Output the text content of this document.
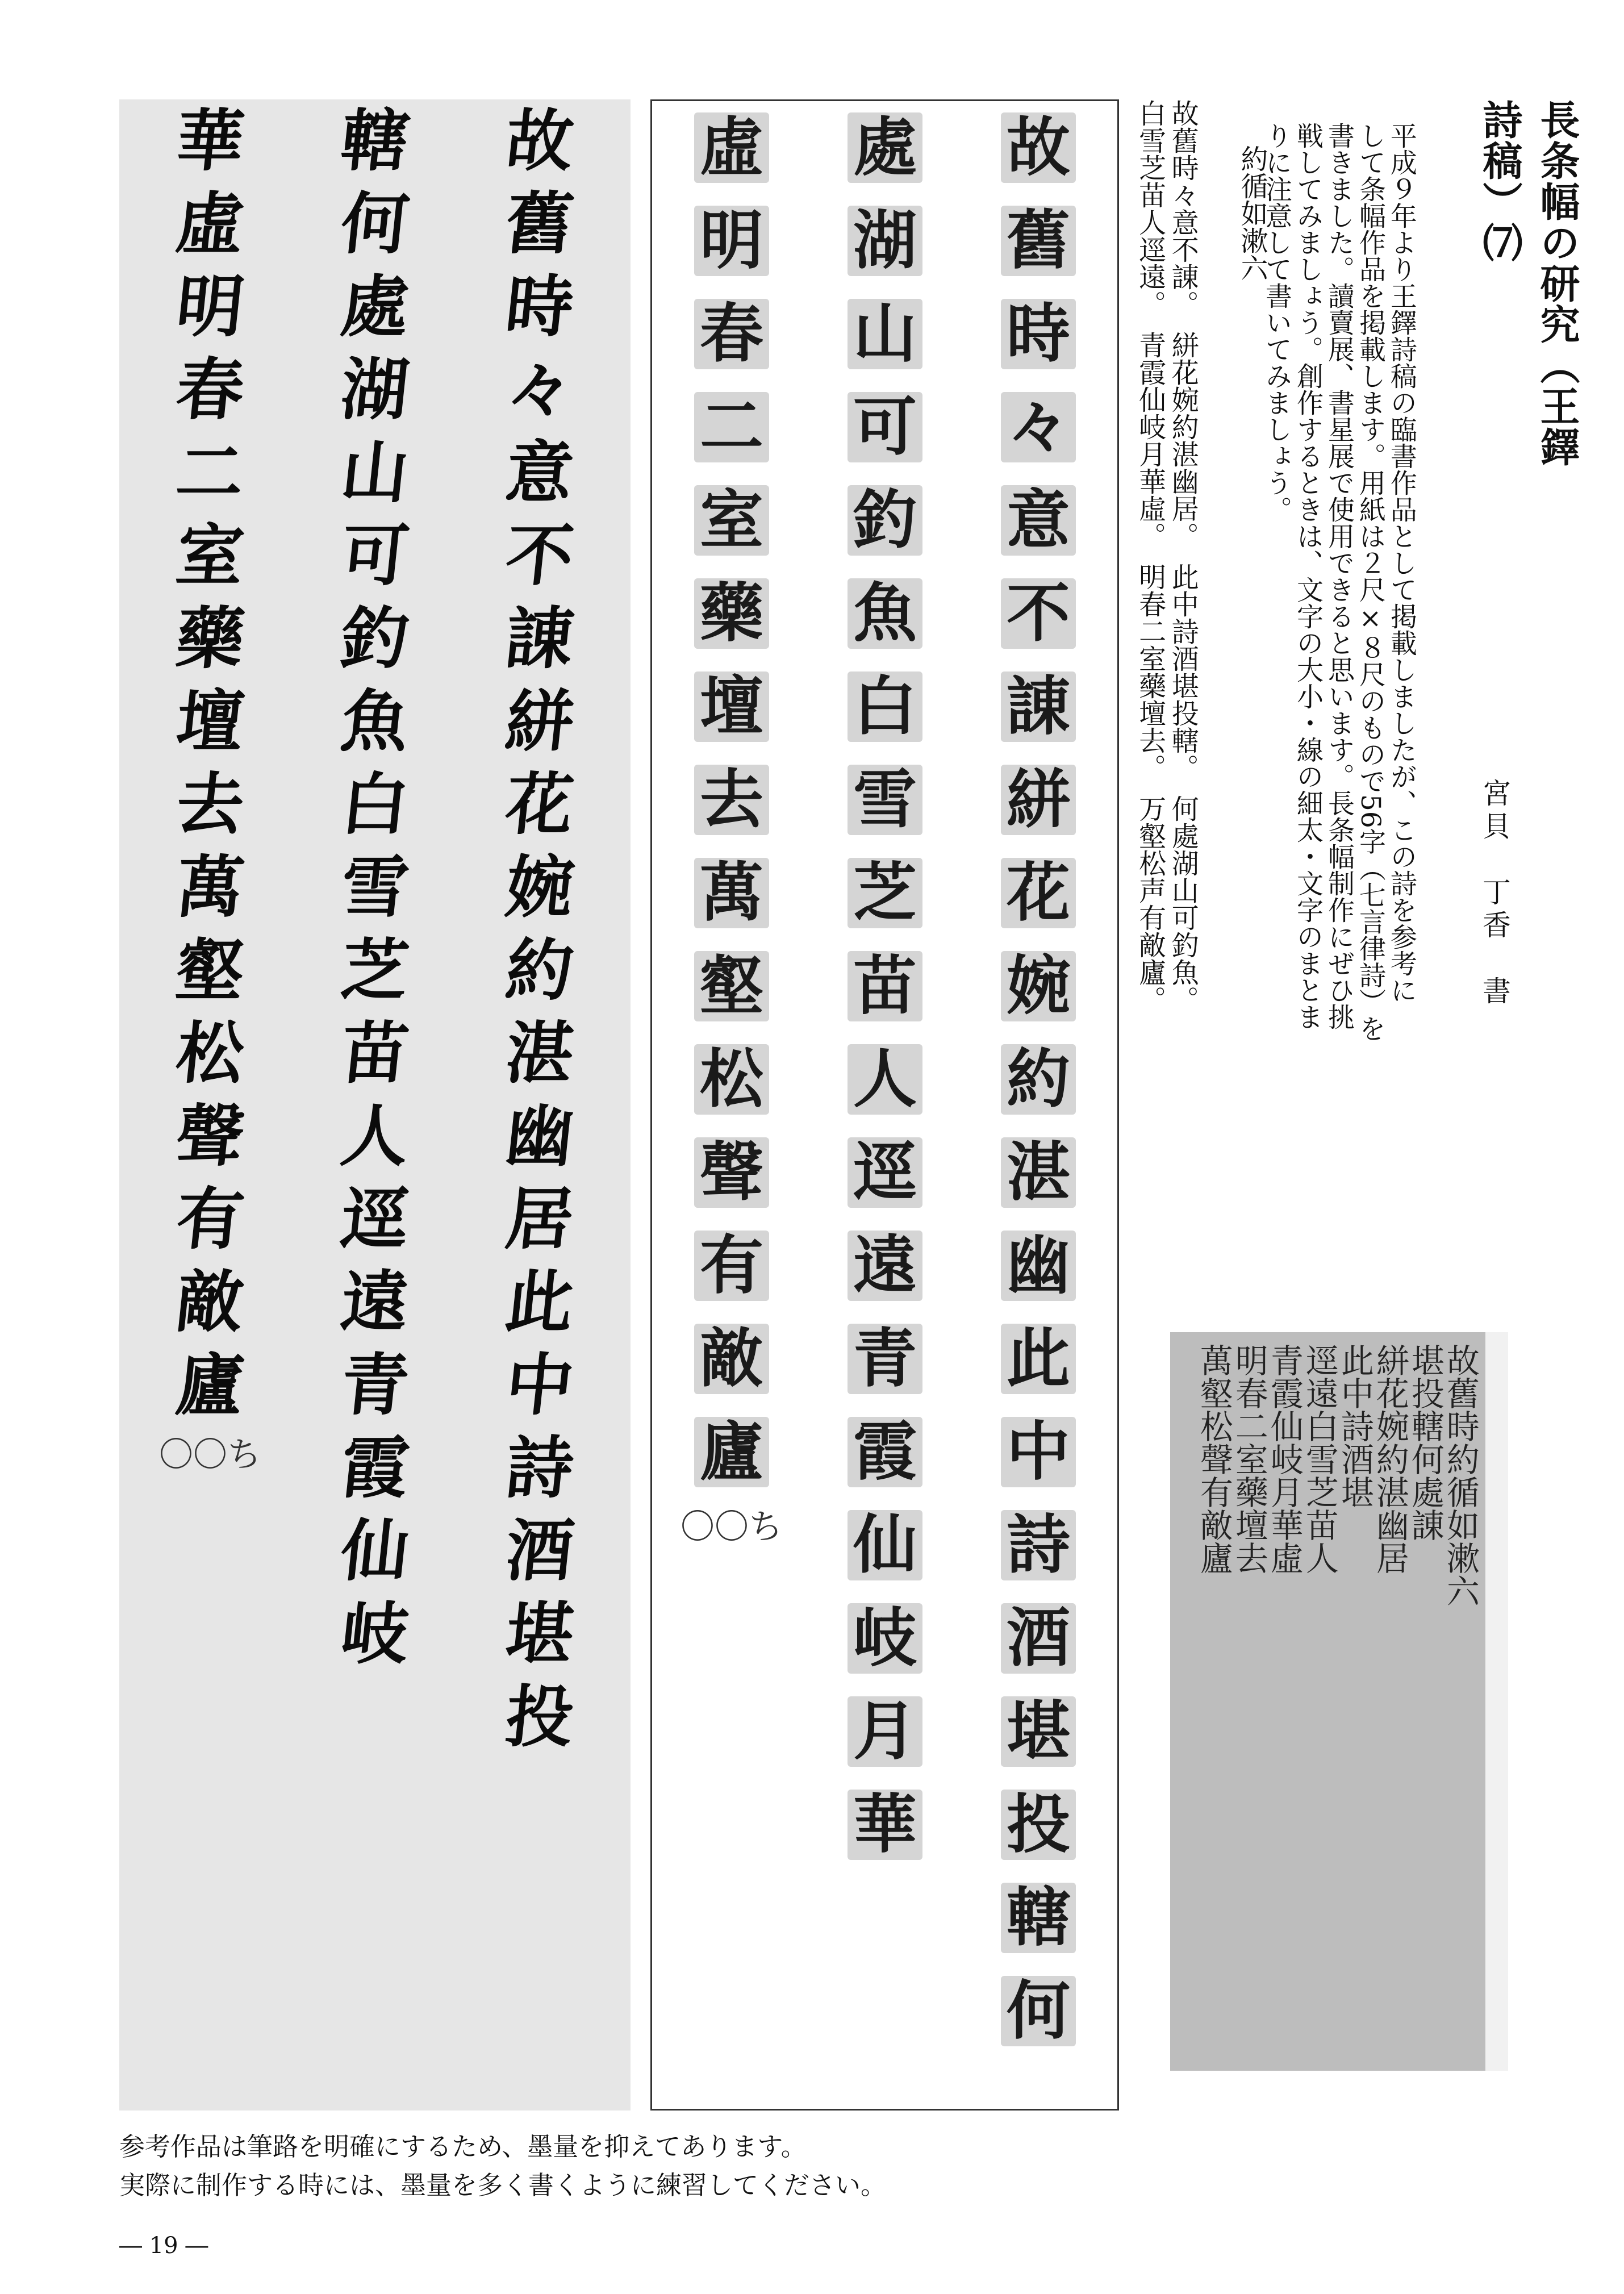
故
舊
時
々
意
不
諌
絣
花
婉
約
湛
幽
居
此
中
詩
酒
堪
投
轄
何
處
湖
山
可
釣
魚
白
雪
芝
苗
人
逕
遠
青
霞
仙
岐
華
虛
明
春
二
室
藥
壇
去
萬
壑
松
聲
有
敵
廬
〇〇ち
故
舊
時
々
意
不
諌
絣
花
婉
約
湛
幽
此
中
詩
酒
堪
投
轄
何
處
湖
山
可
釣
魚
白
雪
芝
苗
人
逕
遠
青
霞
仙
岐
月
華
虛
明
春
二
室
藥
壇
去
萬
壑
松
聲
有
敵
廬
〇〇ち
長条幅の研究（王鐸詩稿）⑺
宮貝　丁香　書

平成９年より王鐸詩稿の臨書作品として掲載しましたが、この詩を参考に

して条幅作品を掲載します。用紙は２尺×８尺のもので56字（七言律詩）を

書きました。讀賣展、書星展で使用できると思います。長条幅制作にぜひ挑

戦してみましょう。創作するときは、文字の大小・線の細太・文字のまとま

りに注意して書いてみましょう。

約循如漱六

故舊時々意不諌。　絣花婉約湛幽居。　此中詩酒堪投轄。　何處湖山可釣魚。

白雪芝苗人逕遠。　青霞仙岐月華虛。　明春二室藥壇去。　万壑松声有敵廬。

故舊時約循如漱六
堪投轄何處諌
絣花婉約湛幽居
此中詩酒堪
逕遠白雪芝苗人
青霞仙岐月華虛
明春二室藥壇去
萬壑松聲有敵廬

参考作品は筆路を明確にするため、墨量を抑えてあります。

実際に制作する時には、墨量を多く書くように練習してください。

― 19 ―
